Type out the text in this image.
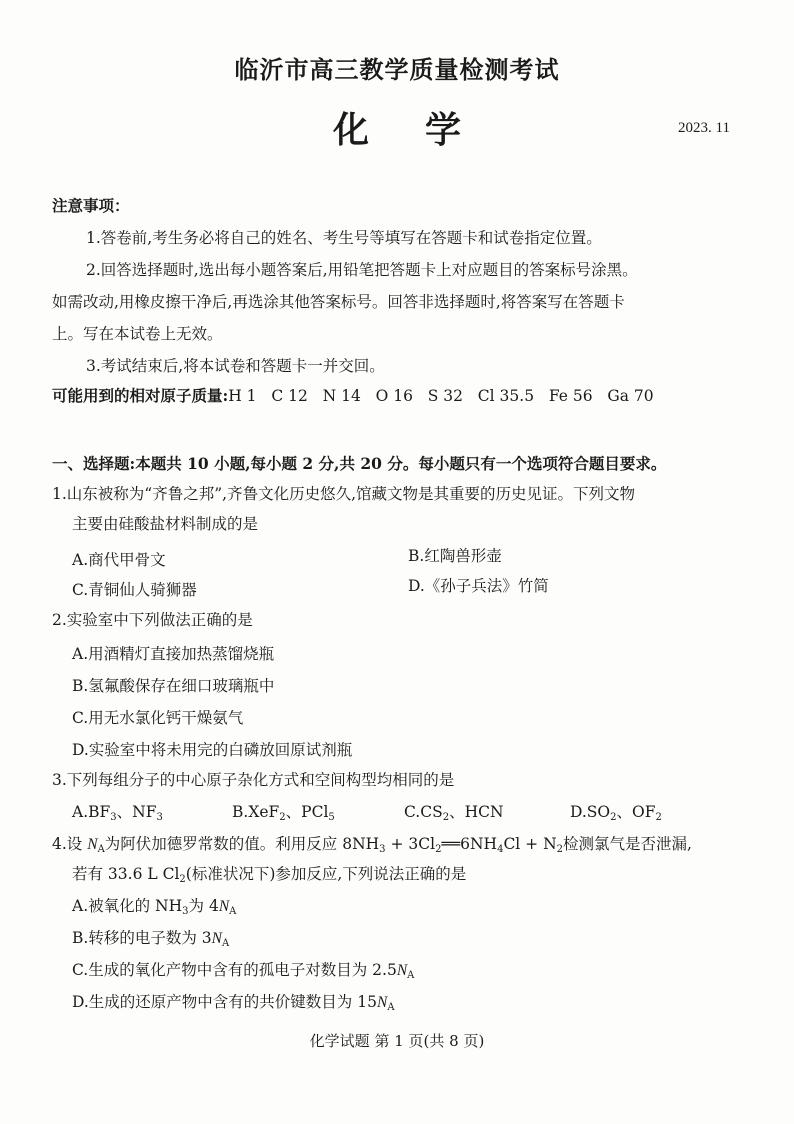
临沂市高三教学质量检测考试
化学	2023. 11
注意事项：
1.答卷前,考生务必将自己的姓名、考生号等填写在答题卡和试卷指定位置。
2.回答选择题时,选出每小题答案后,用铅笔把答题卡上对应题目的答案标号涂黑。
如需改动,用橡皮擦干净后,再选涂其他答案标号。回答非选择题时,将答案写在答题卡
上。写在本试卷上无效。
3.考试结束后,将本试卷和答题卡一并交回。
可能用到的相对原子质量:H 1   C 12   N 14   O 16   S 32   Cl 35.5   Fe 56   Ga 70
一、选择题:本题共 10 小题,每小题 2 分,共 20 分。每小题只有一个选项符合题目要求。
1.山东被称为“齐鲁之邦”,齐鲁文化历史悠久,馆藏文物是其重要的历史见证。下列文物
主要由硅酸盐材料制成的是
A.商代甲骨文	B.红陶兽形壶
C.青铜仙人骑狮器	D.《孙子兵法》竹简
2.实验室中下列做法正确的是
A.用酒精灯直接加热蒸馏烧瓶
B.氢氟酸保存在细口玻璃瓶中
C.用无水氯化钙干燥氨气
D.实验室中将未用完的白磷放回原试剂瓶
3.下列每组分子的中心原子杂化方式和空间构型均相同的是
$A.BF_3$、$NF_3$	B.XeF$_2$、PCl$_5$	$C.CS_2$、HCN	$D.SO_2$、$OF_2$
4.设 $N_A$为阿伏加德罗常数的值。利用反应 $8NH_3$ + $3Cl_2══6NH_4Cl + N_2$检测氯气是否泄漏,
若有 33.6 L $Cl_2$(标准状况下)参加反应,下列说法正确的是
A.被氧化的 $NH_3$为 $4N_A$
B.转移的电子数为 $3N_A$
C.生成的氧化产物中含有的孤电子对数目为 $2.5N_A$
D.生成的还原产物中含有的共价键数目为 $15N_A$
化学试题 第 1 页(共 8 页)
